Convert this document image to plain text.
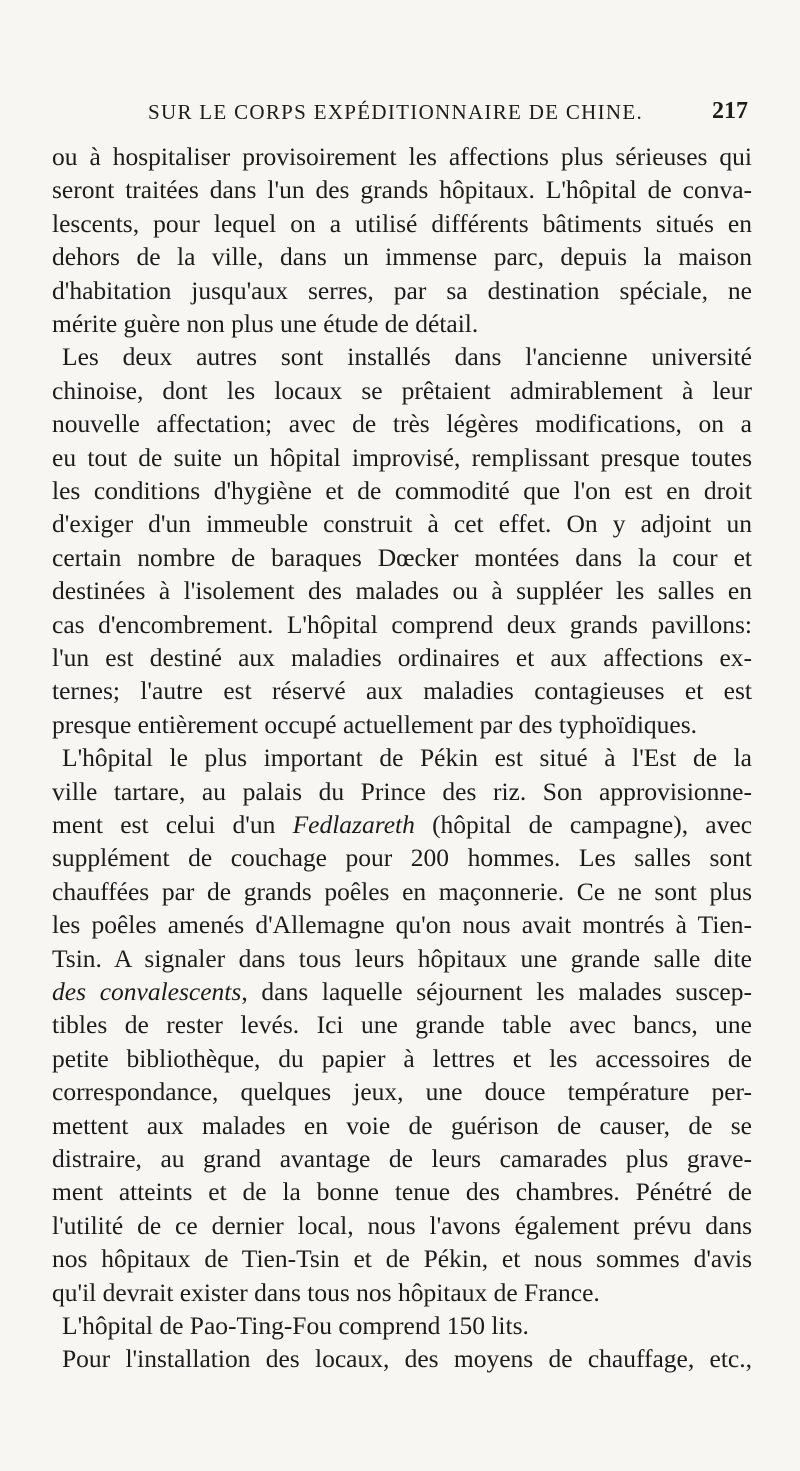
SUR LE CORPS EXPÉDITIONNAIRE DE CHINE.	217
ou à hospitaliser provisoirement les affections plus sérieuses qui
seront traitées dans l'un des grands hôpitaux. L'hôpital de conva-
lescents, pour lequel on a utilisé différents bâtiments situés en
dehors de la ville, dans un immense parc, depuis la maison
d'habitation jusqu'aux serres, par sa destination spéciale, ne
mérite guère non plus une étude de détail.
Les deux autres sont installés dans l'ancienne université
chinoise, dont les locaux se prêtaient admirablement à leur
nouvelle affectation; avec de très légères modifications, on a
eu tout de suite un hôpital improvisé, remplissant presque toutes
les conditions d'hygiène et de commodité que l'on est en droit
d'exiger d'un immeuble construit à cet effet. On y adjoint un
certain nombre de baraques Dœcker montées dans la cour et
destinées à l'isolement des malades ou à suppléer les salles en
cas d'encombrement. L'hôpital comprend deux grands pavillons:
l'un est destiné aux maladies ordinaires et aux affections ex-
ternes; l'autre est réservé aux maladies contagieuses et est
presque entièrement occupé actuellement par des typhoïdiques.
L'hôpital le plus important de Pékin est situé à l'Est de la
ville tartare, au palais du Prince des riz. Son approvisionne-
ment est celui d'un Fedlazareth (hôpital de campagne), avec
supplément de couchage pour 200 hommes. Les salles sont
chauffées par de grands poêles en maçonnerie. Ce ne sont plus
les poêles amenés d'Allemagne qu'on nous avait montrés à Tien-
Tsin. A signaler dans tous leurs hôpitaux une grande salle dite
des convalescents, dans laquelle séjournent les malades suscep-
tibles de rester levés. Ici une grande table avec bancs, une
petite bibliothèque, du papier à lettres et les accessoires de
correspondance, quelques jeux, une douce température per-
mettent aux malades en voie de guérison de causer, de se
distraire, au grand avantage de leurs camarades plus grave-
ment atteints et de la bonne tenue des chambres. Pénétré de
l'utilité de ce dernier local, nous l'avons également prévu dans
nos hôpitaux de Tien-Tsin et de Pékin, et nous sommes d'avis
qu'il devrait exister dans tous nos hôpitaux de France.
L'hôpital de Pao-Ting-Fou comprend 150 lits.
Pour l'installation des locaux, des moyens de chauffage, etc.,
